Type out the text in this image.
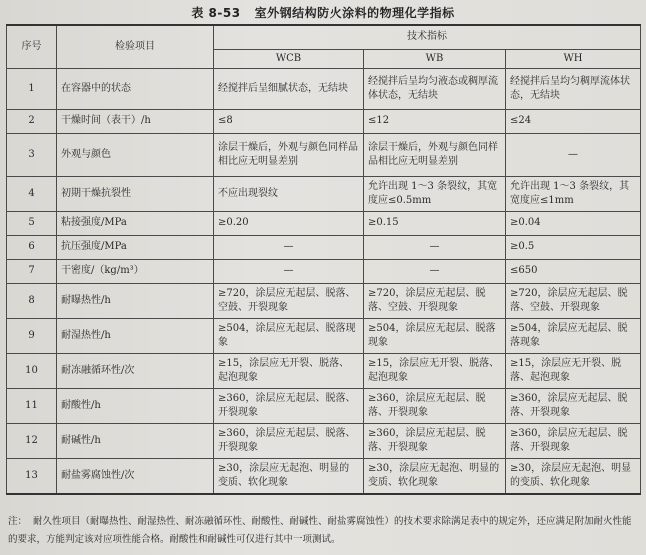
表 8-53 室外钢结构防火涂料的物理化学指标
序号	检验项目	技术指标		
		WCB	WB	WH
1	在容器中的状态	经搅拌后呈细腻状态，无结块	经搅拌后呈均匀液态或稠厚流体状态，无结块	经搅拌后呈均匀稠厚流体状态，无结块
2	干燥时间（表干）/h	≤8	≤12	≤24
3	外观与颜色	涂层干燥后，外观与颜色同样品相比应无明显差别	涂层干燥后，外观与颜色同样品相比应无明显差别	—
4	初期干燥抗裂性	不应出现裂纹	允许出现 1～3 条裂纹，其宽度应≤0.5mm	允许出现 1～3 条裂纹，其宽度应≤1mm
5	粘接强度/MPa	≥0.20	≥0.15	≥0.04
6	抗压强度/MPa	—	—	≥0.5
7	干密度/（kg/m³）	—	—	≤650
8	耐曝热性/h	≥720，涂层应无起层、脱落、空鼓、开裂现象	≥720，涂层应无起层、脱落、空鼓、开裂现象	≥720，涂层应无起层、脱落、空鼓、开裂现象
9	耐湿热性/h	≥504，涂层应无起层、脱落现象	≥504，涂层应无起层、脱落现象	≥504，涂层应无起层、脱落现象
10	耐冻融循环性/次	≥15，涂层应无开裂、脱落、起泡现象	≥15，涂层应无开裂、脱落、起泡现象	≥15，涂层应无开裂、脱落、起泡现象
11	耐酸性/h	≥360，涂层应无起层、脱落、开裂现象	≥360，涂层应无起层、脱落、开裂现象	≥360，涂层应无起层、脱落、开裂现象
12	耐碱性/h	≥360，涂层应无起层、脱落、开裂现象	≥360，涂层应无起层、脱落、开裂现象	≥360，涂层应无起层、脱落、开裂现象
13	耐盐雾腐蚀性/次	≥30，涂层应无起泡、明显的变质、软化现象	≥30，涂层应无起泡、明显的变质、软化现象	≥30，涂层应无起泡、明显的变质、软化现象
注： 耐久性项目（耐曝热性、耐湿热性、耐冻融循环性、耐酸性、耐碱性、耐盐雾腐蚀性）的技术要求除满足表中的规定外，还应满足附加耐火性能的要求，方能判定该对应项性能合格。耐酸性和耐碱性可仅进行其中一项测试。
